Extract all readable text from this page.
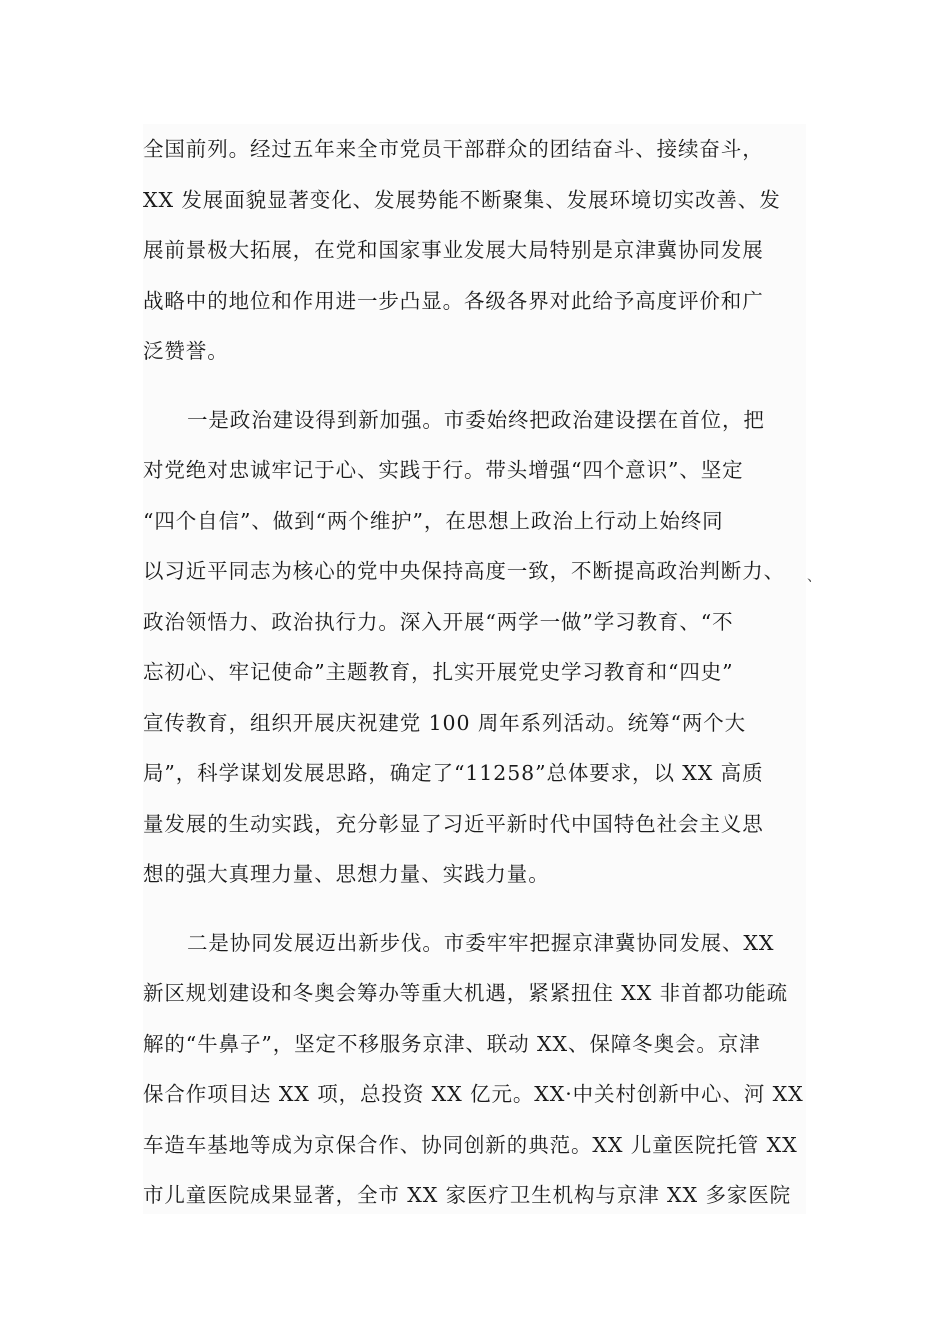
全国前列。经过五年来全市党员干部群众的团结奋斗、接续奋斗，
XX 发展面貌显著变化、发展势能不断聚集、发展环境切实改善、发
展前景极大拓展，在党和国家事业发展大局特别是京津冀协同发展
战略中的地位和作用进一步凸显。各级各界对此给予高度评价和广
泛赞誉。
一是政治建设得到新加强。市委始终把政治建设摆在首位，把
对党绝对忠诚牢记于心、实践于行。带头增强“四个意识”、坚定
“四个自信”、做到“两个维护”，在思想上政治上行动上始终同
以习近平同志为核心的党中央保持高度一致，不断提高政治判断力、
政治领悟力、政治执行力。深入开展“两学一做”学习教育、“不
忘初心、牢记使命”主题教育，扎实开展党史学习教育和“四史”
宣传教育，组织开展庆祝建党 100 周年系列活动。统筹“两个大
局”，科学谋划发展思路，确定了“11258”总体要求，以 XX 高质
量发展的生动实践，充分彰显了习近平新时代中国特色社会主义思
想的强大真理力量、思想力量、实践力量。
二是协同发展迈出新步伐。市委牢牢把握京津冀协同发展、XX
新区规划建设和冬奥会筹办等重大机遇，紧紧扭住 XX 非首都功能疏
解的“牛鼻子”，坚定不移服务京津、联动 XX、保障冬奥会。京津
保合作项目达 XX 项，总投资 XX 亿元。XX·中关村创新中心、河 XX
车造车基地等成为京保合作、协同创新的典范。XX 儿童医院托管 XX
市儿童医院成果显著，全市 XX 家医疗卫生机构与京津 XX 多家医院
、
